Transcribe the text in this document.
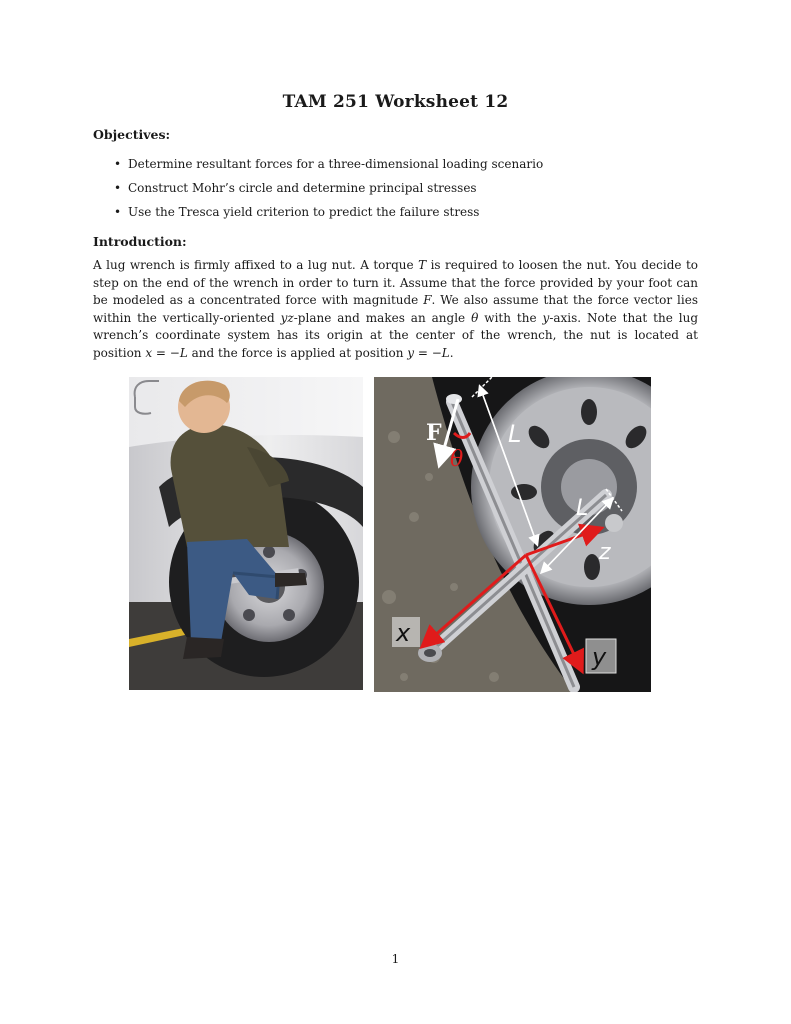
TAM 251 Worksheet 12
Objectives:
• Determine resultant forces for a three-dimensional loading scenario
• Construct Mohr’s circle and determine principal stresses
• Use the Tresca yield criterion to predict the failure stress
Introduction:

A lug wrench is firmly affixed to a lug nut. A torque T is required to loosen the nut. You decide to step on the end of the wrench in order to turn it. Assume that the force provided by your foot can be modeled as a concentrated force with magnitude F. We also assume that the force vector lies within the vertically-oriented yz-plane and makes an angle θ with the y-axis. Note that the lug wrench’s coordinate system has its origin at the center of the wrench, the nut is located at position x = −L and the force is applied at position y = −L.

F
θ
L
L
z
x
y
1
